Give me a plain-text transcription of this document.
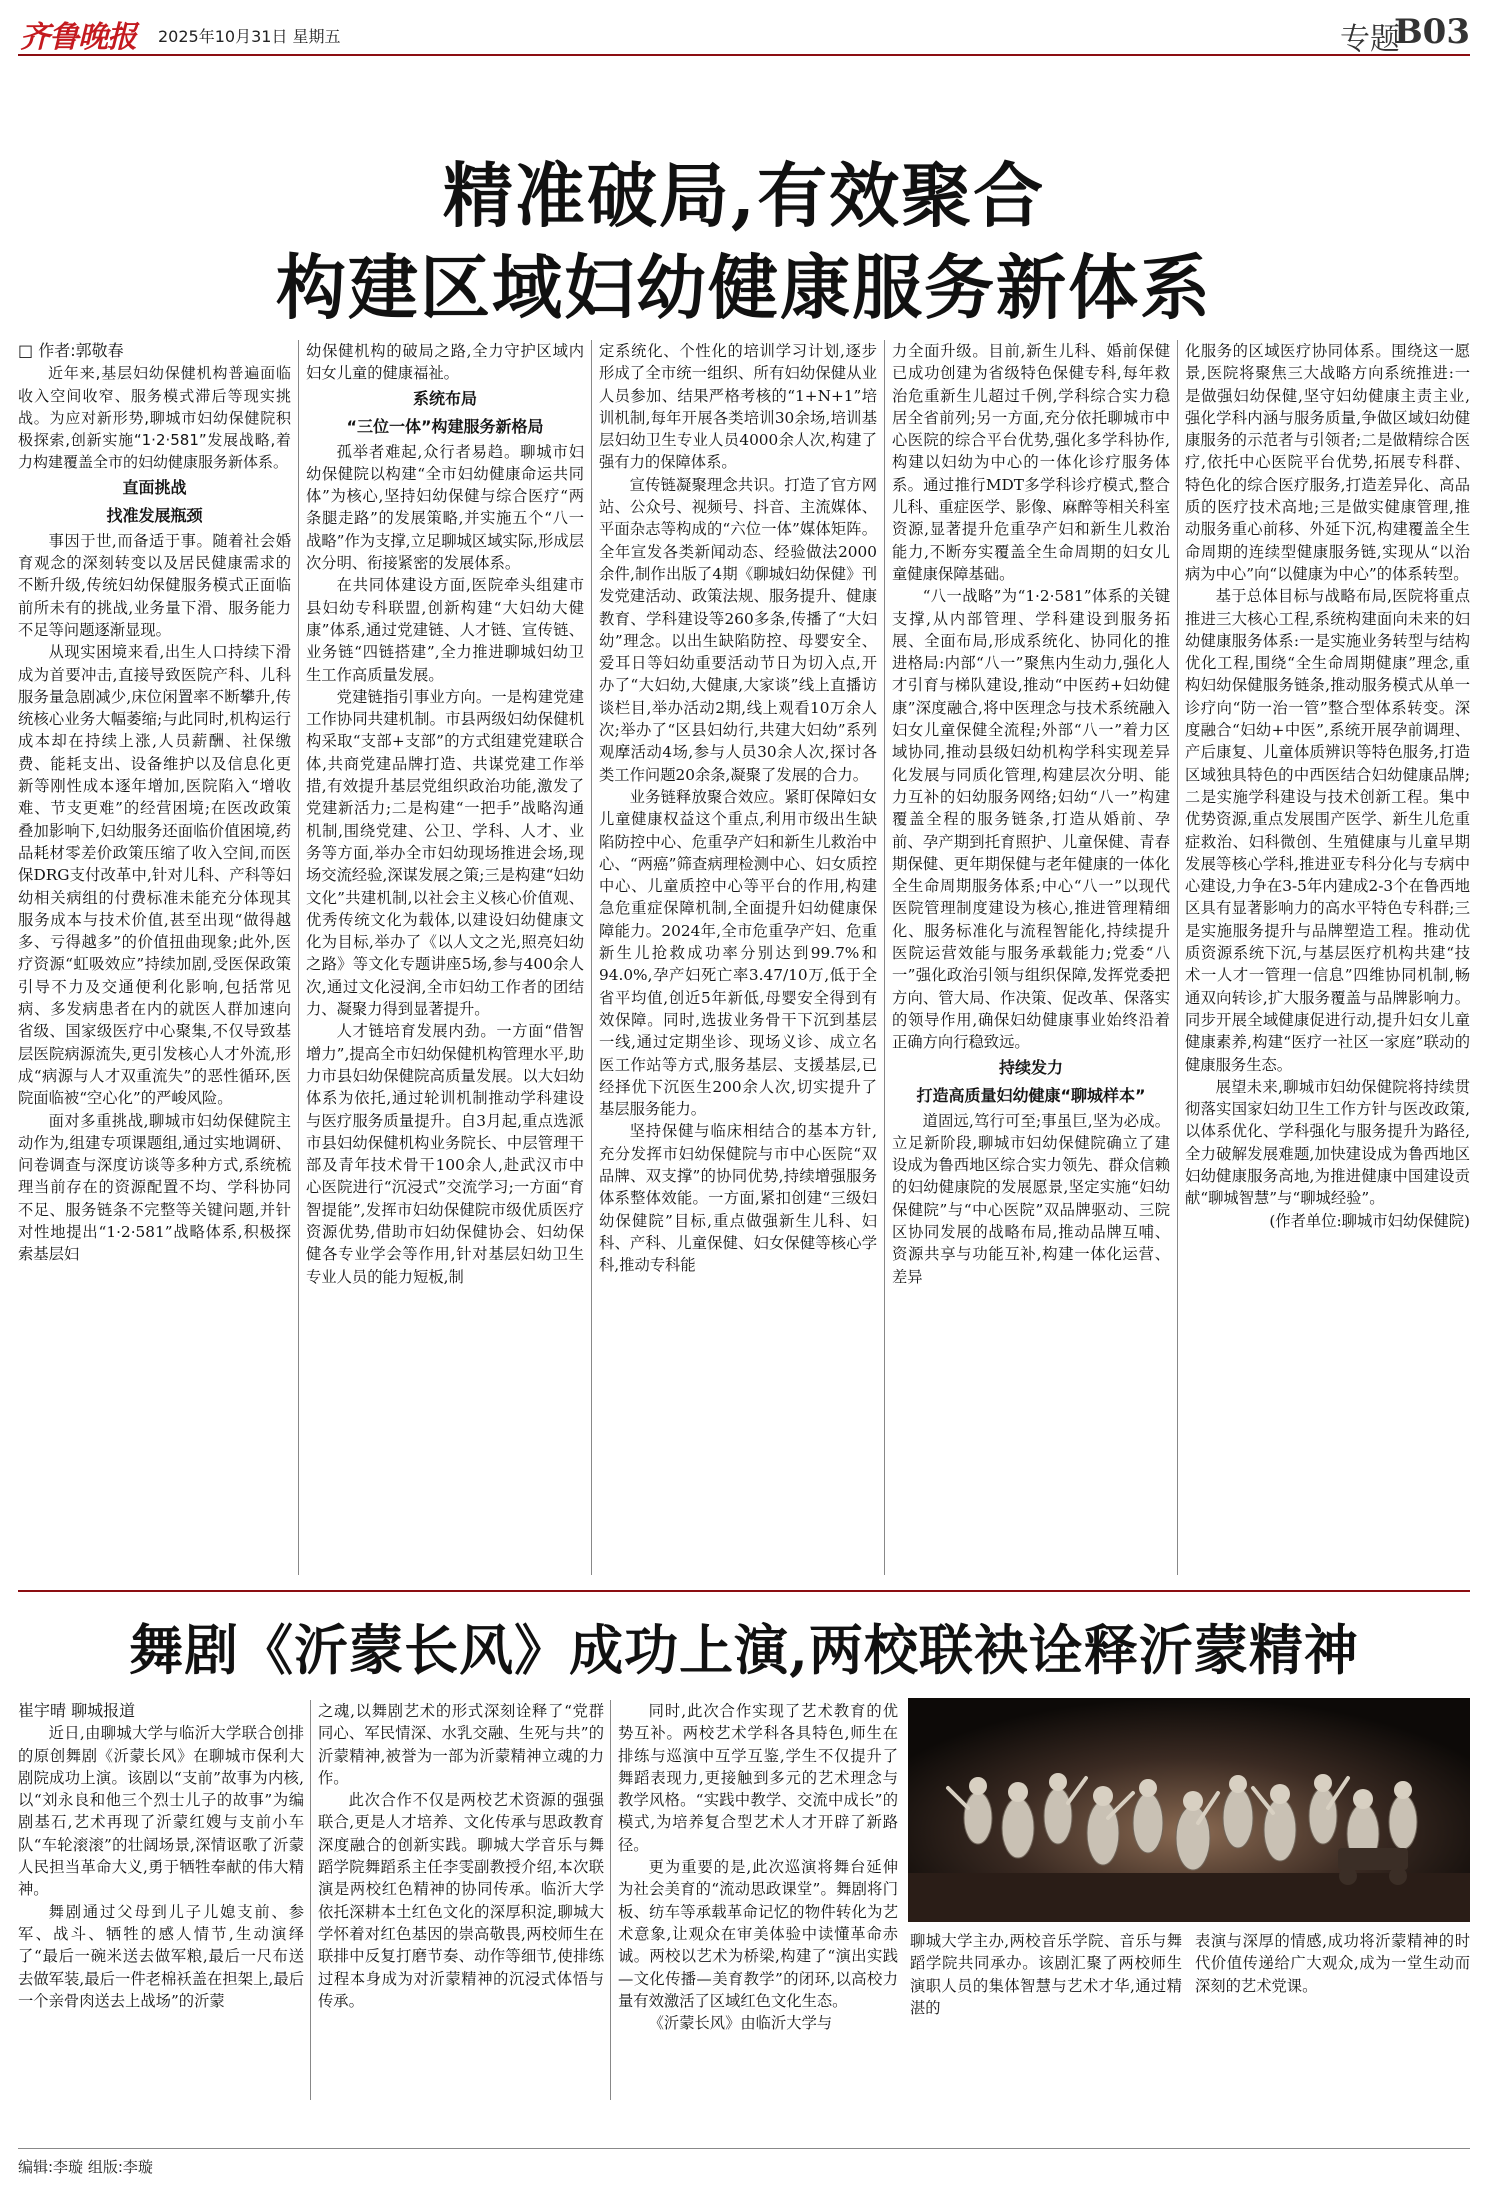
齐鲁晚报 2025年10月31日 星期五	专题
B03
精准破局,有效聚合
构建区域妇幼健康服务新体系

□ 作者:郭敬春

近年来,基层妇幼保健机构普遍面临收入空间收窄、服务模式滞后等现实挑战。为应对新形势,聊城市妇幼保健院积极探索,创新实施“1·2·581”发展战略,着力构建覆盖全市的妇幼健康服务新体系。

直面挑战

找准发展瓶颈

事因于世,而备适于事。随着社会婚育观念的深刻转变以及居民健康需求的不断升级,传统妇幼保健服务模式正面临前所未有的挑战,业务量下滑、服务能力不足等问题逐渐显现。

从现实困境来看,出生人口持续下滑成为首要冲击,直接导致医院产科、儿科服务量急剧减少,床位闲置率不断攀升,传统核心业务大幅萎缩;与此同时,机构运行成本却在持续上涨,人员薪酬、社保缴费、能耗支出、设备维护以及信息化更新等刚性成本逐年增加,医院陷入“增收难、节支更难”的经营困境;在医改政策叠加影响下,妇幼服务还面临价值困境,药品耗材零差价政策压缩了收入空间,而医保DRG支付改革中,针对儿科、产科等妇幼相关病组的付费标准未能充分体现其服务成本与技术价值,甚至出现“做得越多、亏得越多”的价值扭曲现象;此外,医疗资源“虹吸效应”持续加剧,受医保政策引导不力及交通便利化影响,包括常见病、多发病患者在内的就医人群加速向省级、国家级医疗中心聚集,不仅导致基层医院病源流失,更引发核心人才外流,形成“病源与人才双重流失”的恶性循环,医院面临被“空心化”的严峻风险。

面对多重挑战,聊城市妇幼保健院主动作为,组建专项课题组,通过实地调研、问卷调查与深度访谈等多种方式,系统梳理当前存在的资源配置不均、学科协同不足、服务链条不完整等关键问题,并针对性地提出“1·2·581”战略体系,积极探索基层妇

幼保健机构的破局之路,全力守护区域内妇女儿童的健康福祉。

系统布局

“三位一体”构建服务新格局

孤举者难起,众行者易趋。聊城市妇幼保健院以构建“全市妇幼健康命运共同体”为核心,坚持妇幼保健与综合医疗“两条腿走路”的发展策略,并实施五个“八一战略”作为支撑,立足聊城区域实际,形成层次分明、衔接紧密的发展体系。

在共同体建设方面,医院牵头组建市县妇幼专科联盟,创新构建“大妇幼大健康”体系,通过党建链、人才链、宣传链、业务链“四链搭建”,全力推进聊城妇幼卫生工作高质量发展。

党建链指引事业方向。一是构建党建工作协同共建机制。市县两级妇幼保健机构采取“支部+支部”的方式组建党建联合体,共商党建品牌打造、共谋党建工作举措,有效提升基层党组织政治功能,激发了党建新活力;二是构建“一把手”战略沟通机制,围绕党建、公卫、学科、人才、业务等方面,举办全市妇幼现场推进会场,现场交流经验,深谋发展之策;三是构建“妇幼文化”共建机制,以社会主义核心价值观、优秀传统文化为载体,以建设妇幼健康文化为目标,举办了《以人文之光,照亮妇幼之路》等文化专题讲座5场,参与400余人次,通过文化浸润,全市妇幼工作者的团结力、凝聚力得到显著提升。

人才链培育发展内劲。一方面“借智增力”,提高全市妇幼保健机构管理水平,助力市县妇幼保健院高质量发展。以大妇幼体系为依托,通过轮训机制推动学科建设与医疗服务质量提升。自3月起,重点选派市县妇幼保健机构业务院长、中层管理干部及青年技术骨干100余人,赴武汉市中心医院进行“沉浸式”交流学习;一方面“育智提能”,发挥市妇幼保健院市级优质医疗资源优势,借助市妇幼保健协会、妇幼保健各专业学会等作用,针对基层妇幼卫生专业人员的能力短板,制

定系统化、个性化的培训学习计划,逐步形成了全市统一组织、所有妇幼保健从业人员参加、结果严格考核的“1+N+1”培训机制,每年开展各类培训30余场,培训基层妇幼卫生专业人员4000余人次,构建了强有力的保障体系。

宣传链凝聚理念共识。打造了官方网站、公众号、视频号、抖音、主流媒体、平面杂志等构成的“六位一体”媒体矩阵。全年宣发各类新闻动态、经验做法2000余件,制作出版了4期《聊城妇幼保健》刊发党建活动、政策法规、服务提升、健康教育、学科建设等260多条,传播了“大妇幼”理念。以出生缺陷防控、母婴安全、爱耳日等妇幼重要活动节日为切入点,开办了“大妇幼,大健康,大家谈”线上直播访谈栏目,举办活动2期,线上观看10万余人次;举办了“区县妇幼行,共建大妇幼”系列观摩活动4场,参与人员30余人次,探讨各类工作问题20余条,凝聚了发展的合力。

业务链释放聚合效应。紧盯保障妇女儿童健康权益这个重点,利用市级出生缺陷防控中心、危重孕产妇和新生儿救治中心、“两癌”筛查病理检测中心、妇女质控中心、儿童质控中心等平台的作用,构建急危重症保障机制,全面提升妇幼健康保障能力。2024年,全市危重孕产妇、危重新生儿抢救成功率分别达到99.7%和94.0%,孕产妇死亡率3.47/10万,低于全省平均值,创近5年新低,母婴安全得到有效保障。同时,选拔业务骨干下沉到基层一线,通过定期坐诊、现场义诊、成立名医工作站等方式,服务基层、支援基层,已经择优下沉医生200余人次,切实提升了基层服务能力。

坚持保健与临床相结合的基本方针,充分发挥市妇幼保健院与市中心医院“双品牌、双支撑”的协同优势,持续增强服务体系整体效能。一方面,紧扣创建“三级妇幼保健院”目标,重点做强新生儿科、妇科、产科、儿童保健、妇女保健等核心学科,推动专科能

力全面升级。目前,新生儿科、婚前保健已成功创建为省级特色保健专科,每年救治危重新生儿超过千例,学科综合实力稳居全省前列;另一方面,充分依托聊城市中心医院的综合平台优势,强化多学科协作,构建以妇幼为中心的一体化诊疗服务体系。通过推行MDT多学科诊疗模式,整合儿科、重症医学、影像、麻醉等相关科室资源,显著提升危重孕产妇和新生儿救治能力,不断夯实覆盖全生命周期的妇女儿童健康保障基础。

“八一战略”为“1·2·581”体系的关键支撑,从内部管理、学科建设到服务拓展、全面布局,形成系统化、协同化的推进格局:内部“八一”聚焦内生动力,强化人才引育与梯队建设,推动“中医药+妇幼健康”深度融合,将中医理念与技术系统融入妇女儿童保健全流程;外部“八一”着力区域协同,推动县级妇幼机构学科实现差异化发展与同质化管理,构建层次分明、能力互补的妇幼服务网络;妇幼“八一”构建覆盖全程的服务链条,打造从婚前、孕前、孕产期到托育照护、儿童保健、青春期保健、更年期保健与老年健康的一体化全生命周期服务体系;中心“八一”以现代医院管理制度建设为核心,推进管理精细化、服务标准化与流程智能化,持续提升医院运营效能与服务承载能力;党委“八一”强化政治引领与组织保障,发挥党委把方向、管大局、作决策、促改革、保落实的领导作用,确保妇幼健康事业始终沿着正确方向行稳致远。

持续发力

打造高质量妇幼健康“聊城样本”

道固远,笃行可至;事虽巨,坚为必成。立足新阶段,聊城市妇幼保健院确立了建设成为鲁西地区综合实力领先、群众信赖的妇幼健康院的发展愿景,坚定实施“妇幼保健院”与“中心医院”双品牌驱动、三院区协同发展的战略布局,推动品牌互哺、资源共享与功能互补,构建一体化运营、差异

化服务的区域医疗协同体系。围绕这一愿景,医院将聚焦三大战略方向系统推进:一是做强妇幼保健,坚守妇幼健康主责主业,强化学科内涵与服务质量,争做区域妇幼健康服务的示范者与引领者;二是做精综合医疗,依托中心医院平台优势,拓展专科群、特色化的综合医疗服务,打造差异化、高品质的医疗技术高地;三是做实健康管理,推动服务重心前移、外延下沉,构建覆盖全生命周期的连续型健康服务链,实现从“以治病为中心”向“以健康为中心”的体系转型。

基于总体目标与战略布局,医院将重点推进三大核心工程,系统构建面向未来的妇幼健康服务体系:一是实施业务转型与结构优化工程,围绕“全生命周期健康”理念,重构妇幼保健服务链条,推动服务模式从单一诊疗向“防一治一管”整合型体系转变。深度融合“妇幼+中医”,系统开展孕前调理、产后康复、儿童体质辨识等特色服务,打造区域独具特色的中西医结合妇幼健康品牌;二是实施学科建设与技术创新工程。集中优势资源,重点发展围产医学、新生儿危重症救治、妇科微创、生殖健康与儿童早期发展等核心学科,推进亚专科分化与专病中心建设,力争在3-5年内建成2-3个在鲁西地区具有显著影响力的高水平特色专科群;三是实施服务提升与品牌塑造工程。推动优质资源系统下沉,与基层医疗机构共建“技术一人才一管理一信息”四维协同机制,畅通双向转诊,扩大服务覆盖与品牌影响力。同步开展全域健康促进行动,提升妇女儿童健康素养,构建“医疗一社区一家庭”联动的健康服务生态。

展望未来,聊城市妇幼保健院将持续贯彻落实国家妇幼卫生工作方针与医改政策,以体系优化、学科强化与服务提升为路径,全力破解发展难题,加快建设成为鲁西地区妇幼健康服务高地,为推进健康中国建设贡献“聊城智慧”与“聊城经验”。

(作者单位:聊城市妇幼保健院)

舞剧《沂蒙长风》成功上演,两校联袂诠释沂蒙精神

崔宇晴 聊城报道

近日,由聊城大学与临沂大学联合创排的原创舞剧《沂蒙长风》在聊城市保利大剧院成功上演。该剧以“支前”故事为内核,以“刘永良和他三个烈士儿子的故事”为编剧基石,艺术再现了沂蒙红嫂与支前小车队“车轮滚滚”的壮阔场景,深情讴歌了沂蒙人民担当革命大义,勇于牺牲奉献的伟大精神。

舞剧通过父母到儿子儿媳支前、参军、战斗、牺牲的感人情节,生动演绎了“最后一碗米送去做军粮,最后一尺布送去做军装,最后一件老棉袄盖在担架上,最后一个亲骨肉送去上战场”的沂蒙

之魂,以舞剧艺术的形式深刻诠释了“党群同心、军民情深、水乳交融、生死与共”的沂蒙精神,被誉为一部为沂蒙精神立魂的力作。

此次合作不仅是两校艺术资源的强强联合,更是人才培养、文化传承与思政教育深度融合的创新实践。聊城大学音乐与舞蹈学院舞蹈系主任李雯副教授介绍,本次联演是两校红色精神的协同传承。临沂大学依托深耕本土红色文化的深厚积淀,聊城大学怀着对红色基因的崇高敬畏,两校师生在联排中反复打磨节奏、动作等细节,使排练过程本身成为对沂蒙精神的沉浸式体悟与传承。

同时,此次合作实现了艺术教育的优势互补。两校艺术学科各具特色,师生在排练与巡演中互学互鉴,学生不仅提升了舞蹈表现力,更接触到多元的艺术理念与教学风格。“实践中教学、交流中成长”的模式,为培养复合型艺术人才开辟了新路径。

更为重要的是,此次巡演将舞台延伸为社会美育的“流动思政课堂”。舞剧将门板、纺车等承载革命记忆的物件转化为艺术意象,让观众在审美体验中读懂革命赤诚。两校以艺术为桥梁,构建了“演出实践—文化传播—美育教学”的闭环,以高校力量有效激活了区域红色文化生态。

《沂蒙长风》由临沂大学与

聊城大学主办,两校音乐学院、音乐与舞蹈学院共同承办。该剧汇聚了两校师生演职人员的集体智慧与艺术才华,通过精湛的

表演与深厚的情感,成功将沂蒙精神的时代价值传递给广大观众,成为一堂生动而深刻的艺术党课。

编辑:李璇 组版:李璇
